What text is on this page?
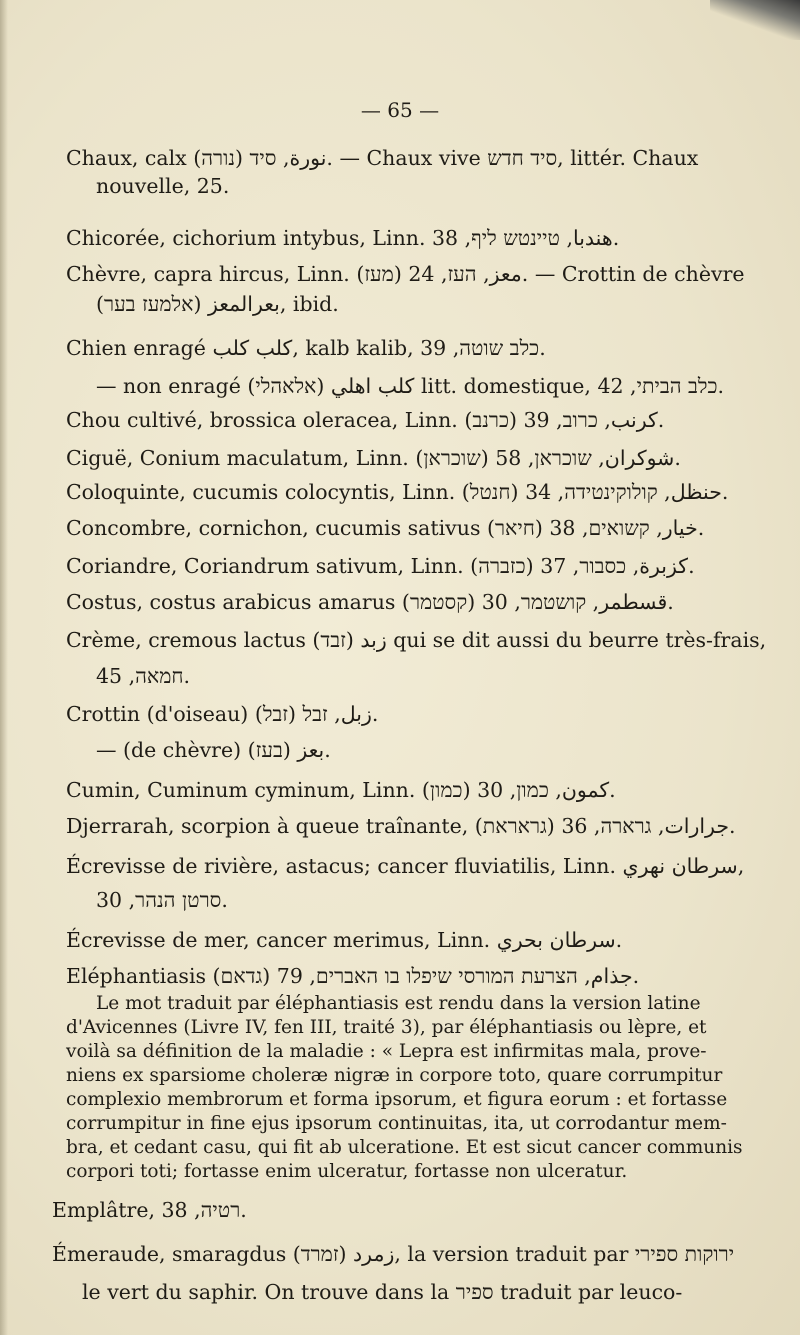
— 65 —
Chaux, calx (נורה) نورة, סיד. — Chaux vive סיד חדש, littér. Chaux
nouvelle, 25.
Chicorée, cichorium intybus, Linn. هندبا, טיינטש ליף, 38.
Chèvre, capra hircus, Linn. (מעז) معز, העז, 24. — Crottin de chèvre
(אלמעז בער) بعرالمعز, ibid.
Chien enragé كلب كلب, kalb kalib, כלב שוטה, 39.
— non enragé (אלאהלי) كلب اهلي litt. domestique, כלב הביתי, 42.
Chou cultivé, brossica oleracea, Linn. (כרנב) كرنب, כרוב, 39.
Ciguë, Conium maculatum, Linn. (שוכראן) شوكران, שוכראן, 58.
Coloquinte, cucumis colocyntis, Linn. (חנטל) حنظل, קולוקינטידה, 34.
Concombre, cornichon, cucumis sativus (חיאר) خيار, קשואים, 38.
Coriandre, Coriandrum sativum, Linn. (כזברה) كزبرة, כסבור, 37.
Costus, costus arabicus amarus (קסטמר) قسطمر, קושטמר, 30.
Crème, cremous lactus (זבד) زبد qui se dit aussi du beurre très-frais,
חמאה, 45.
Crottin (d'oiseau) (זבל) زبل, זבל.
— (de chèvre) (בעז) بعز.
Cumin, Cuminum cyminum, Linn. (כמון) كمون, כמון, 30.
Djerrarah, scorpion à queue traînante, (גראראת) جرارات, גרארה, 36.
Écrevisse de rivière, astacus; cancer fluviatilis, Linn. سرطان نهري,
סרטן הנהר, 30.
Écrevisse de mer, cancer merimus, Linn. سرطان بحري.
Eléphantiasis (גדאם) جذام, הצרעת המורסי שיפלו בו האברים, 79.
Le mot traduit par éléphantiasis est rendu dans la version latine
d'Avicennes (Livre IV, fen III, traité 3), par éléphantiasis ou lèpre, et
voilà sa définition de la maladie : « Lepra est infirmitas mala, prove-
niens ex sparsiome choleræ nigræ in corpore toto, quare corrumpitur
complexio membrorum et forma ipsorum, et figura eorum : et fortasse
corrumpitur in fine ejus ipsorum continuitas, ita, ut corrodantur mem-
bra, et cedant casu, qui fit ab ulceratione. Et est sicut cancer communis
corpori toti; fortasse enim ulceratur, fortasse non ulceratur.
Emplâtre, רטיה, 38.
Émeraude, smaragdus (זמרד) زمرد, la version traduit par ירוקות ספירי
le vert du saphir. On trouve dans la ספיר traduit par leuco-
